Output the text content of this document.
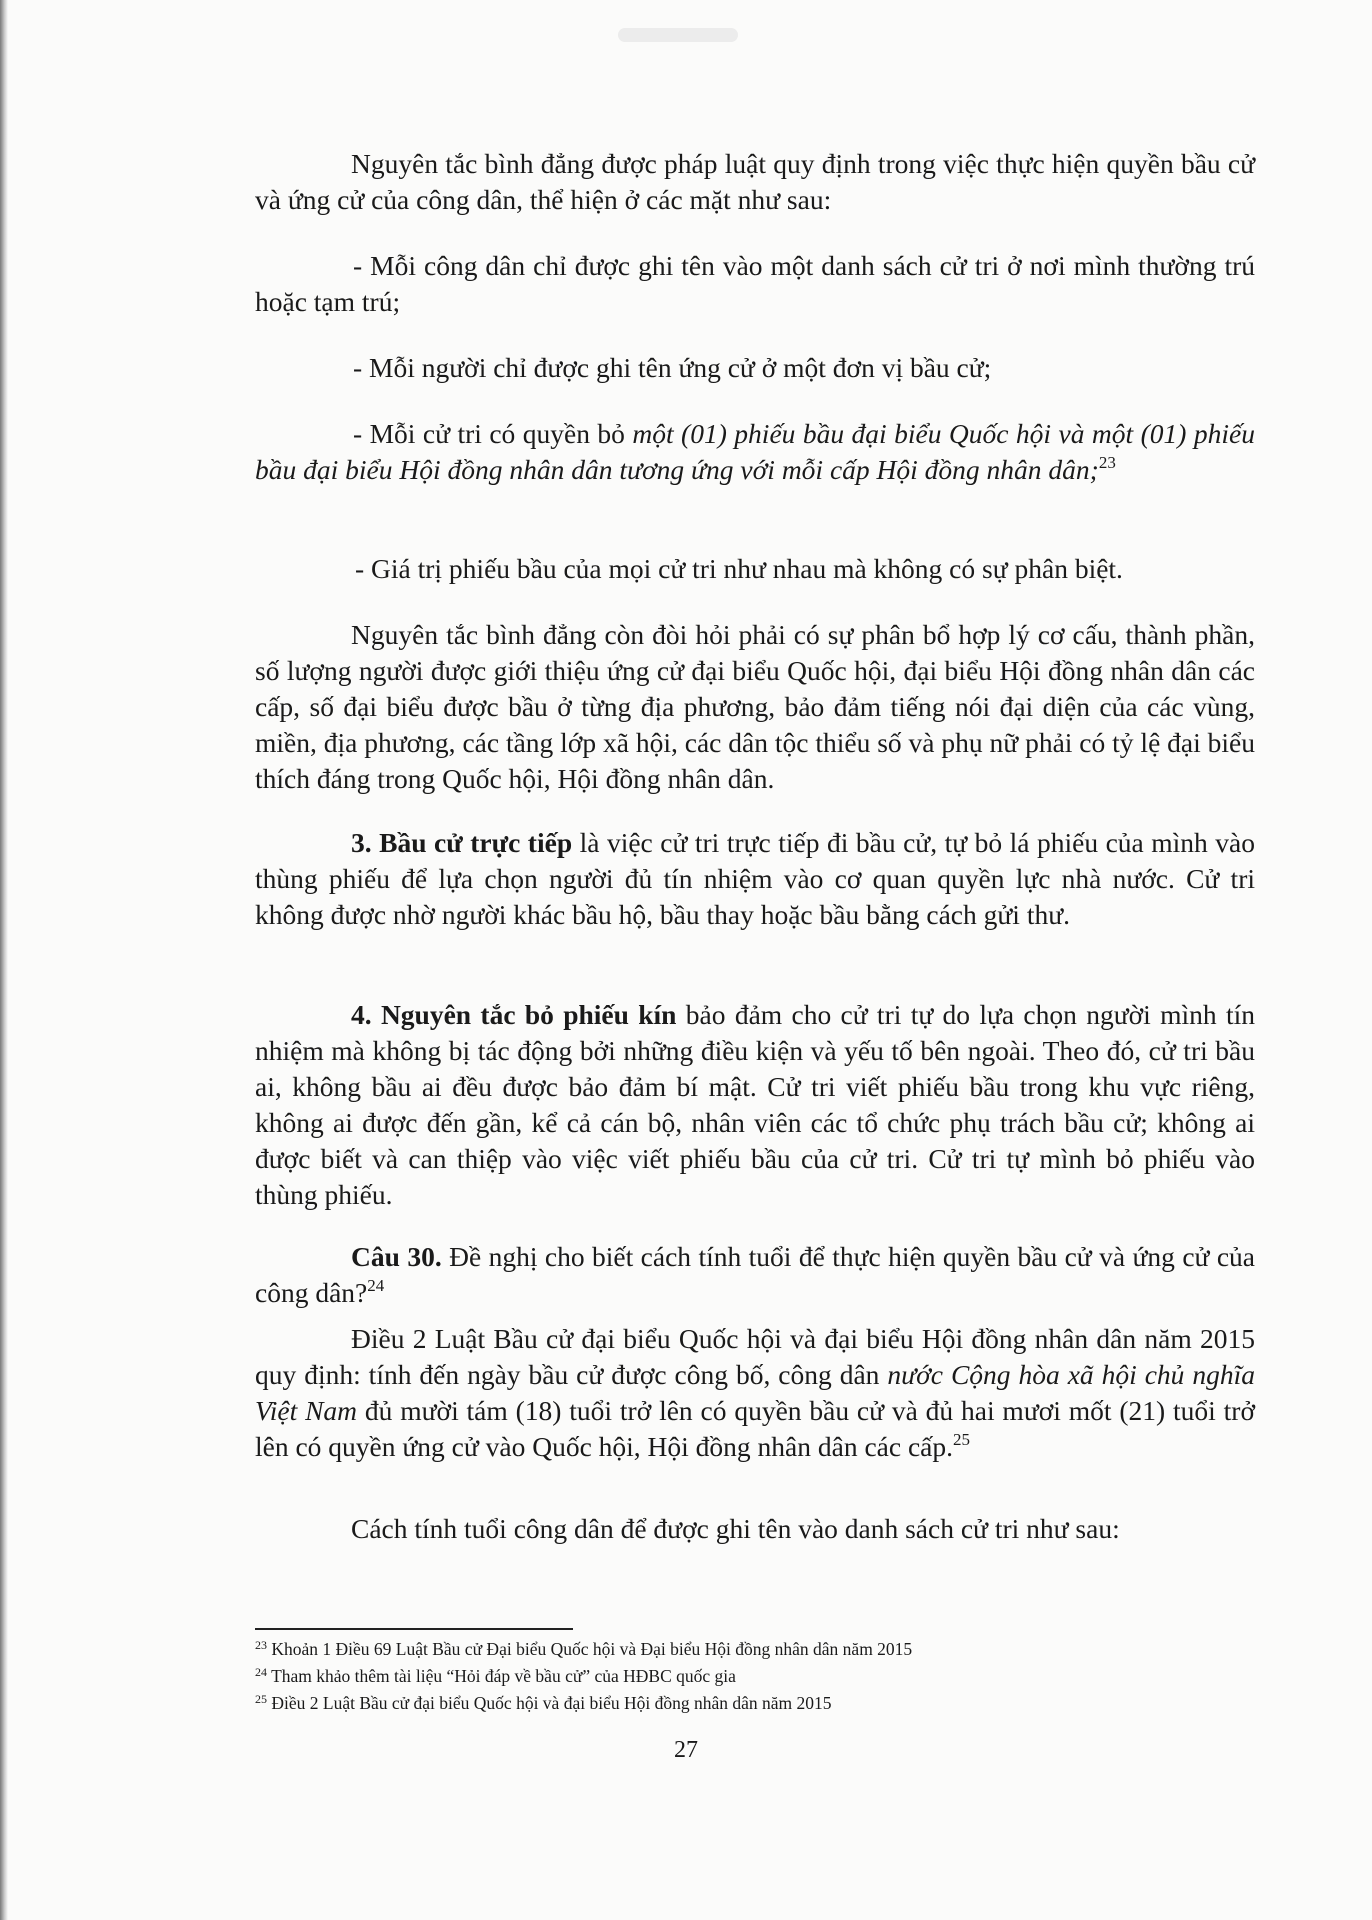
Nguyên tắc bình đẳng được pháp luật quy định trong việc thực hiện quyền bầu cử và ứng cử của công dân, thể hiện ở các mặt như sau:

- Mỗi công dân chỉ được ghi tên vào một danh sách cử tri ở nơi mình thường trú hoặc tạm trú;

- Mỗi người chỉ được ghi tên ứng cử ở một đơn vị bầu cử;

- Mỗi cử tri có quyền bỏ một (01) phiếu bầu đại biểu Quốc hội và một (01) phiếu bầu đại biểu Hội đồng nhân dân tương ứng với mỗi cấp Hội đồng nhân dân;$^{23}$

- Giá trị phiếu bầu của mọi cử tri như nhau mà không có sự phân biệt.

Nguyên tắc bình đẳng còn đòi hỏi phải có sự phân bổ hợp lý cơ cấu, thành phần, số lượng người được giới thiệu ứng cử đại biểu Quốc hội, đại biểu Hội đồng nhân dân các cấp, số đại biểu được bầu ở từng địa phương, bảo đảm tiếng nói đại diện của các vùng, miền, địa phương, các tầng lớp xã hội, các dân tộc thiểu số và phụ nữ phải có tỷ lệ đại biểu thích đáng trong Quốc hội, Hội đồng nhân dân.

3. Bầu cử trực tiếp là việc cử tri trực tiếp đi bầu cử, tự bỏ lá phiếu của mình vào thùng phiếu để lựa chọn người đủ tín nhiệm vào cơ quan quyền lực nhà nước. Cử tri không được nhờ người khác bầu hộ, bầu thay hoặc bầu bằng cách gửi thư.

4. Nguyên tắc bỏ phiếu kín bảo đảm cho cử tri tự do lựa chọn người mình tín nhiệm mà không bị tác động bởi những điều kiện và yếu tố bên ngoài. Theo đó, cử tri bầu ai, không bầu ai đều được bảo đảm bí mật. Cử tri viết phiếu bầu trong khu vực riêng, không ai được đến gần, kể cả cán bộ, nhân viên các tổ chức phụ trách bầu cử; không ai được biết và can thiệp vào việc viết phiếu bầu của cử tri. Cử tri tự mình bỏ phiếu vào thùng phiếu.

Câu 30. Đề nghị cho biết cách tính tuổi để thực hiện quyền bầu cử và ứng cử của công dân?$^{24}$

Điều 2 Luật Bầu cử đại biểu Quốc hội và đại biểu Hội đồng nhân dân năm 2015 quy định: tính đến ngày bầu cử được công bố, công dân nước Cộng hòa xã hội chủ nghĩa Việt Nam đủ mười tám (18) tuổi trở lên có quyền bầu cử và đủ hai mươi mốt (21) tuổi trở lên có quyền ứng cử vào Quốc hội, Hội đồng nhân dân các cấp.$^{25}$

Cách tính tuổi công dân để được ghi tên vào danh sách cử tri như sau:

$^{23}$ Khoản 1 Điều 69 Luật Bầu cử Đại biểu Quốc hội và Đại biểu Hội đồng nhân dân năm 2015

$^{24}$ Tham khảo thêm tài liệu “Hỏi đáp về bầu cử” của HĐBC quốc gia

$^{25}$ Điều 2 Luật Bầu cử đại biểu Quốc hội và đại biểu Hội đồng nhân dân năm 2015

27
